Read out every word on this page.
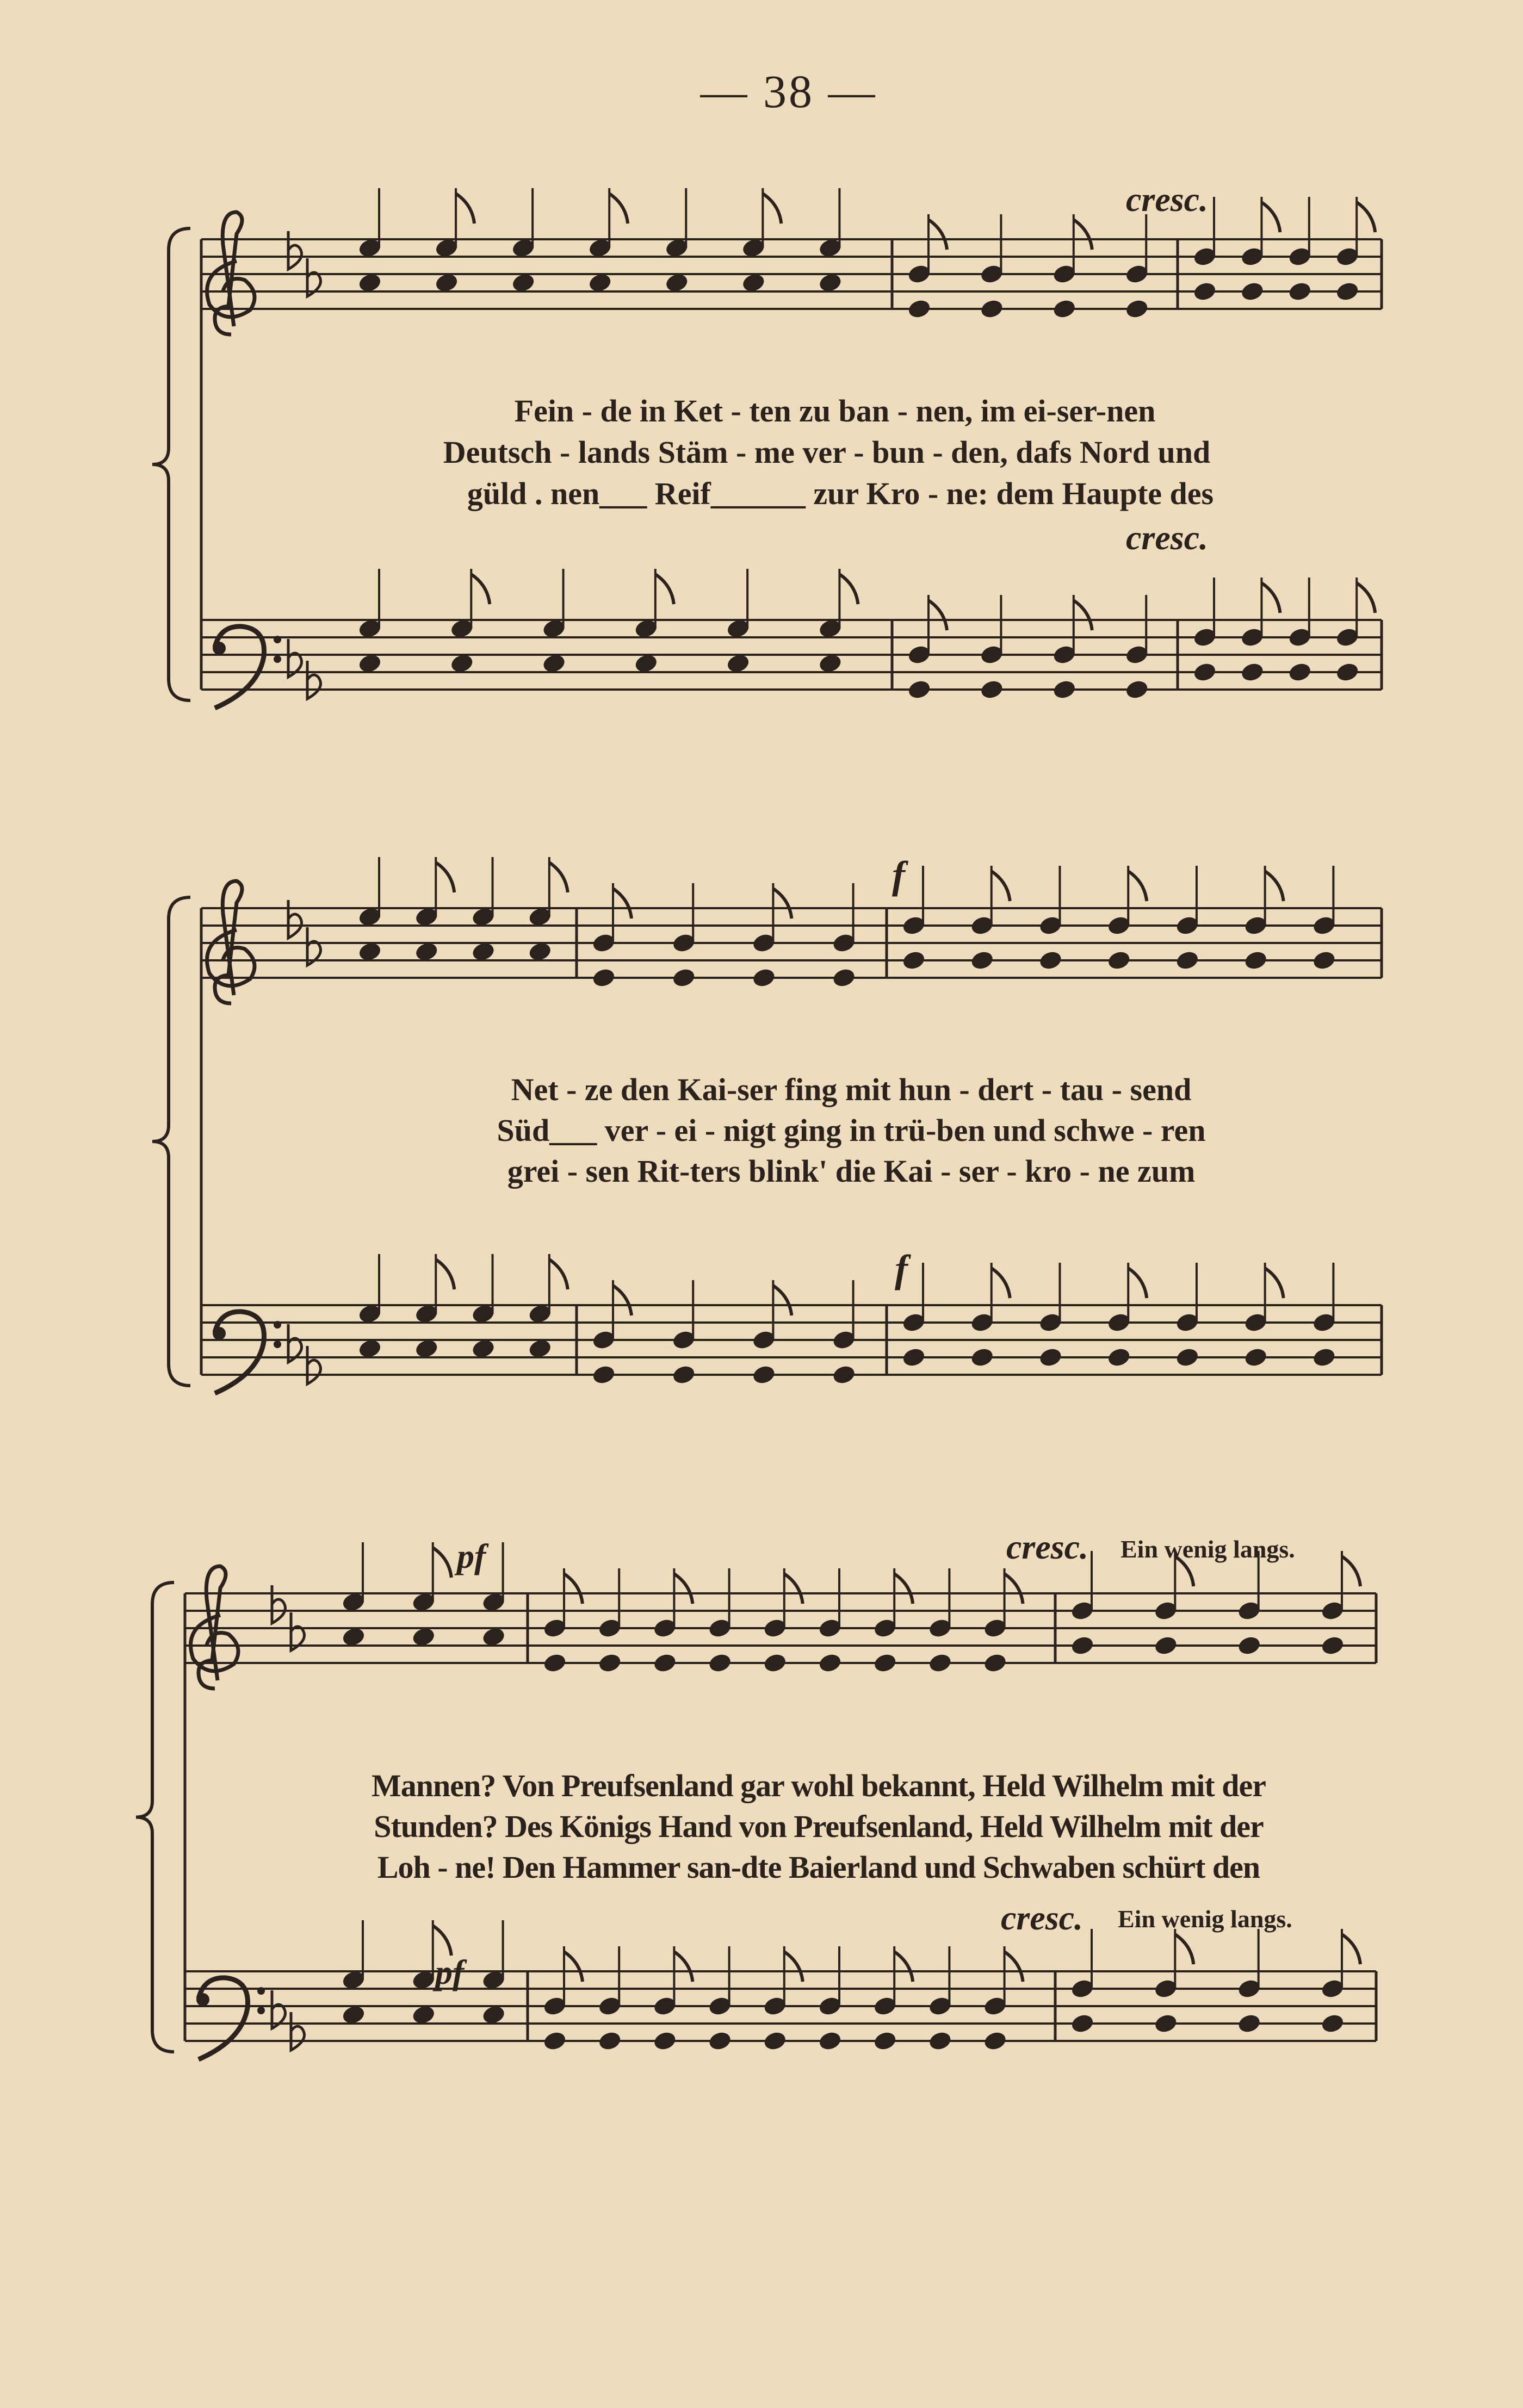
— 38 —
cresc.
Fein - de in Ket - ten zu ban - nen, im ei-ser-nen
Deutsch - lands Stäm - me ver - bun - den, dafs Nord und
güld . nen___ Reif______ zur Kro - ne: dem Haupte des
cresc.
f
Net - ze den Kai-ser fing mit hun - dert - tau - send
Süd___ ver - ei - nigt ging in trü-ben und schwe - ren
grei - sen Rit-ters blink' die Kai - ser - kro - ne zum
f
pf	cresc. Ein wenig langs.
Mannen? Von Preufsenland gar wohl bekannt, Held Wilhelm mit der
Stunden? Des Königs Hand von Preufsenland, Held Wilhelm mit der
Loh - ne! Den Hammer san-dte Baierland und Schwaben schürt den
cresc. Ein wenig langs.
pf
